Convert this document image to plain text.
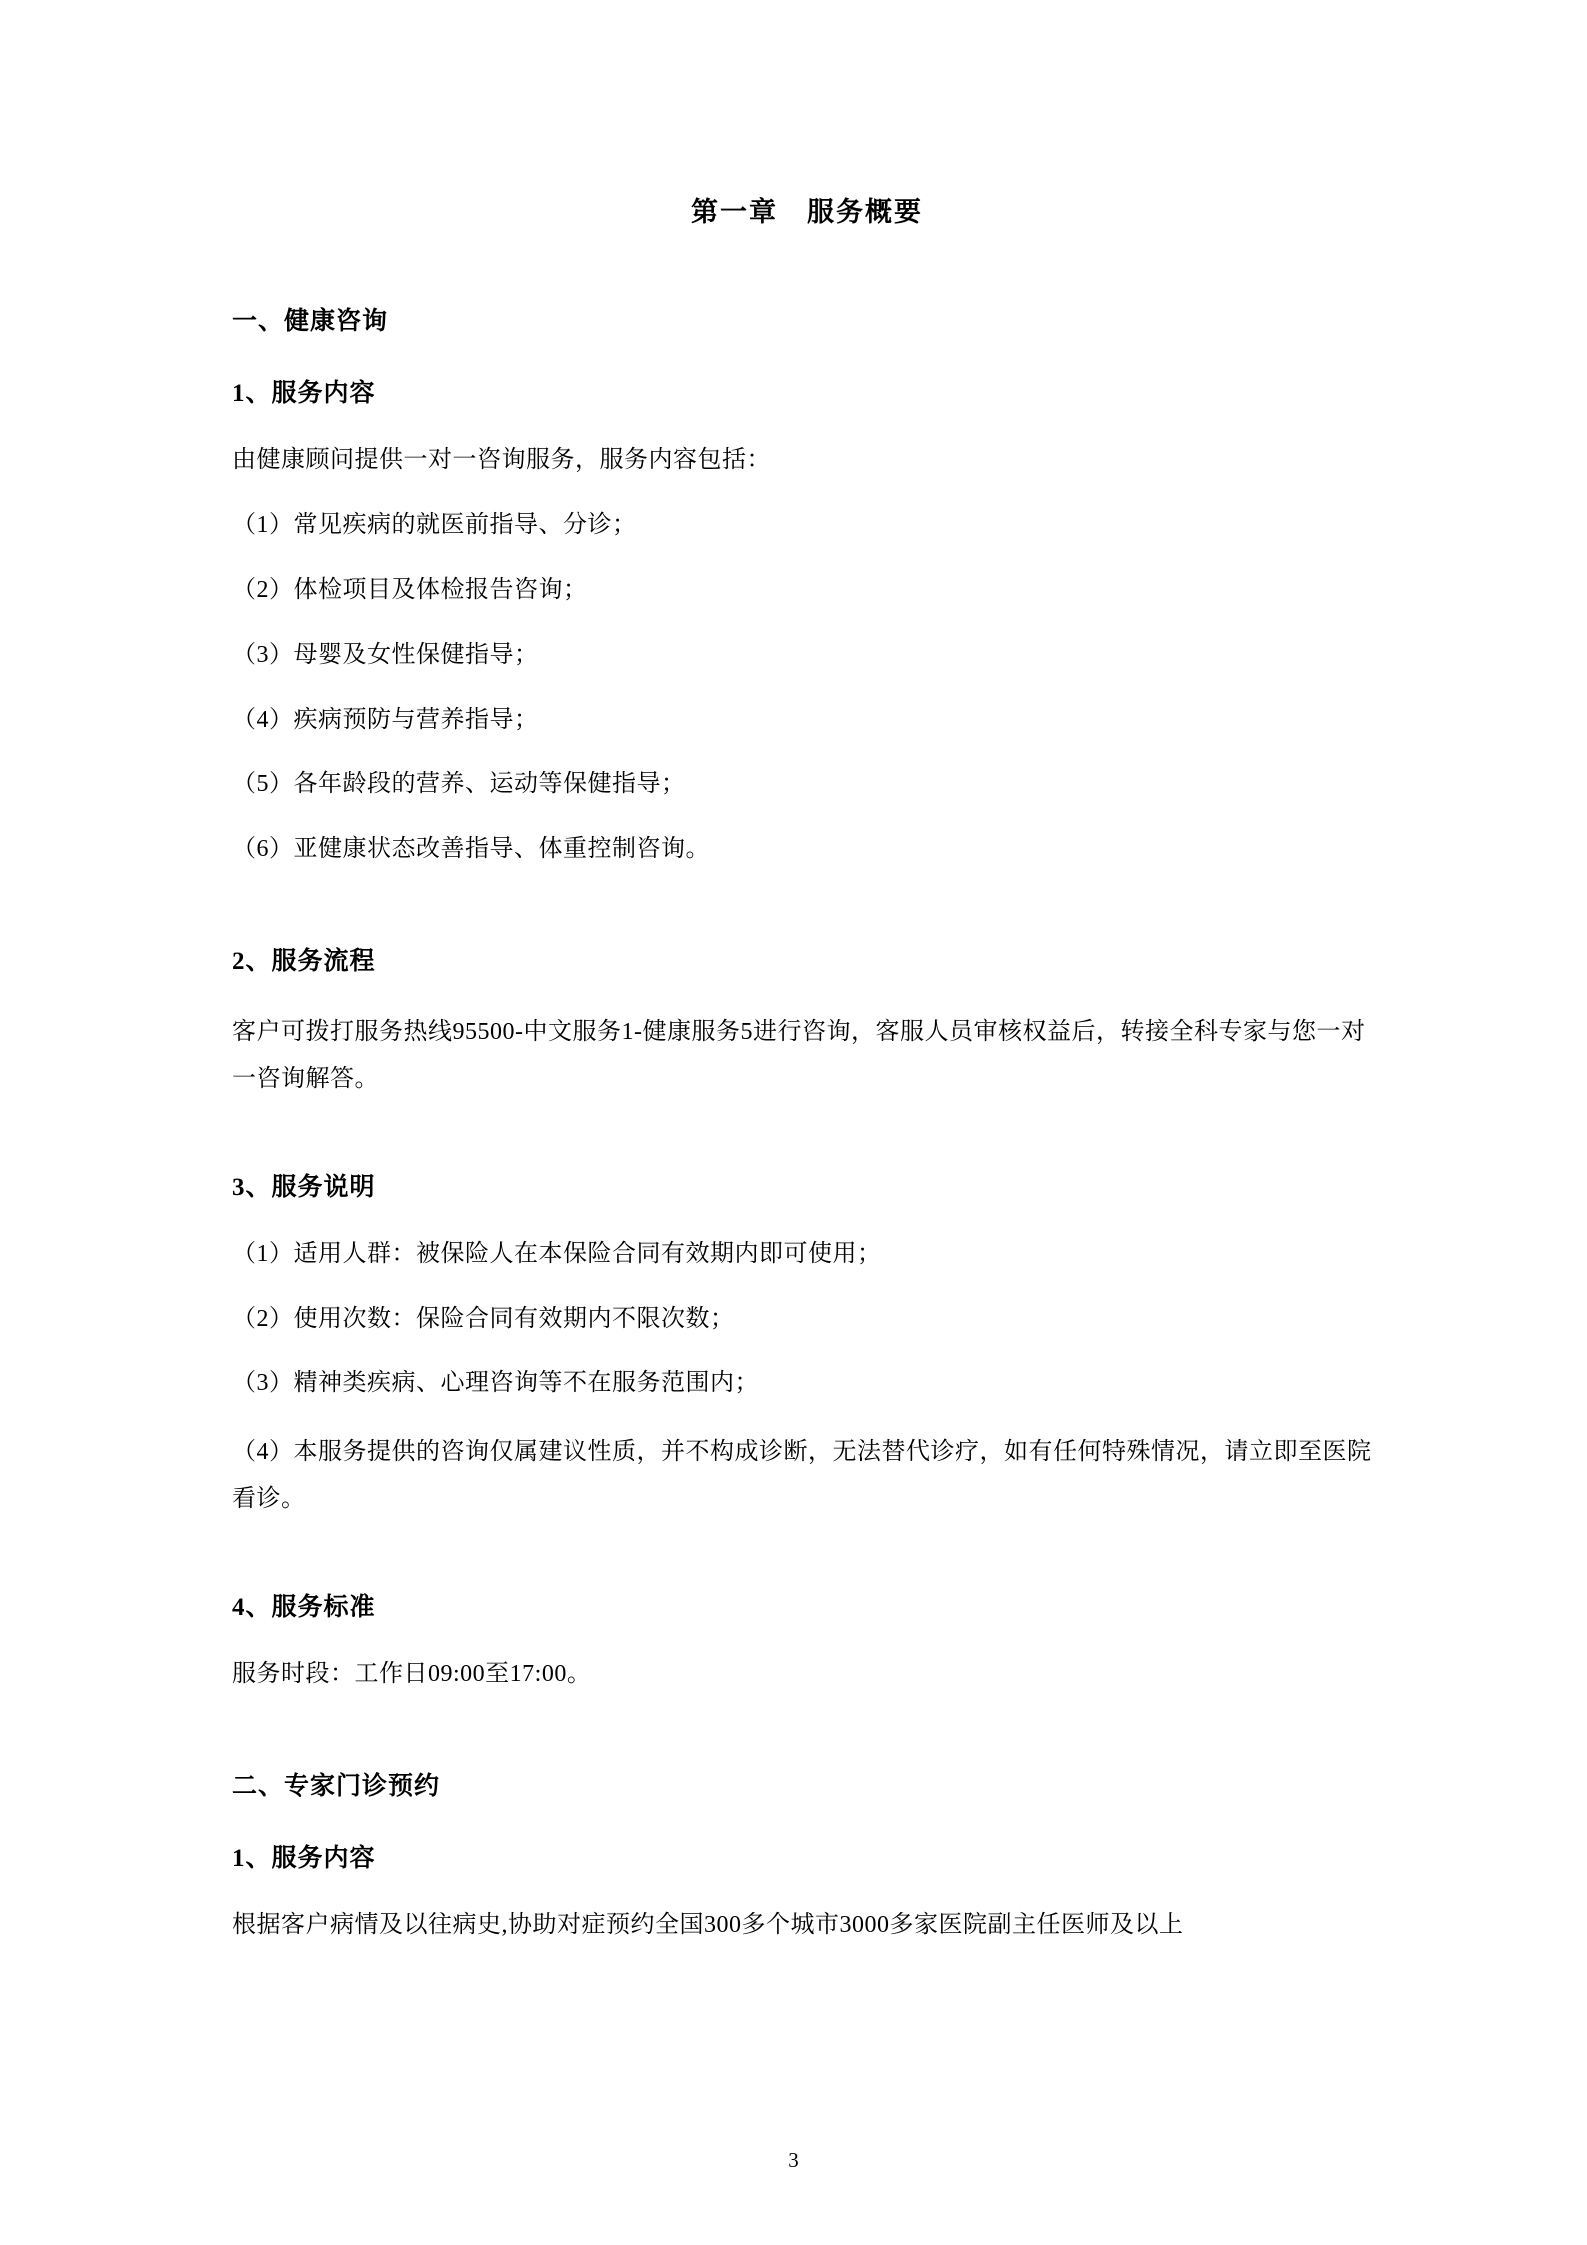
第一章　服务概要
一、健康咨询
1、服务内容
由健康顾问提供一对一咨询服务，服务内容包括：
（1）常见疾病的就医前指导、分诊；
（2）体检项目及体检报告咨询；
（3）母婴及女性保健指导；
（4）疾病预防与营养指导；
（5）各年龄段的营养、运动等保健指导；
（6）亚健康状态改善指导、体重控制咨询。
2、服务流程
客户可拨打服务热线95500-中文服务1-健康服务5进行咨询，客服人员审核权益后，转接全科专家与您一对一咨询解答。
3、服务说明
（1）适用人群：被保险人在本保险合同有效期内即可使用；
（2）使用次数：保险合同有效期内不限次数；
（3）精神类疾病、心理咨询等不在服务范围内；
（4）本服务提供的咨询仅属建议性质，并不构成诊断，无法替代诊疗，如有任何特殊情况，请立即至医院看诊。
4、服务标准
服务时段：工作日09:00至17:00。
二、专家门诊预约
1、服务内容
根据客户病情及以往病史,协助对症预约全国300多个城市3000多家医院副主任医师及以上
3
